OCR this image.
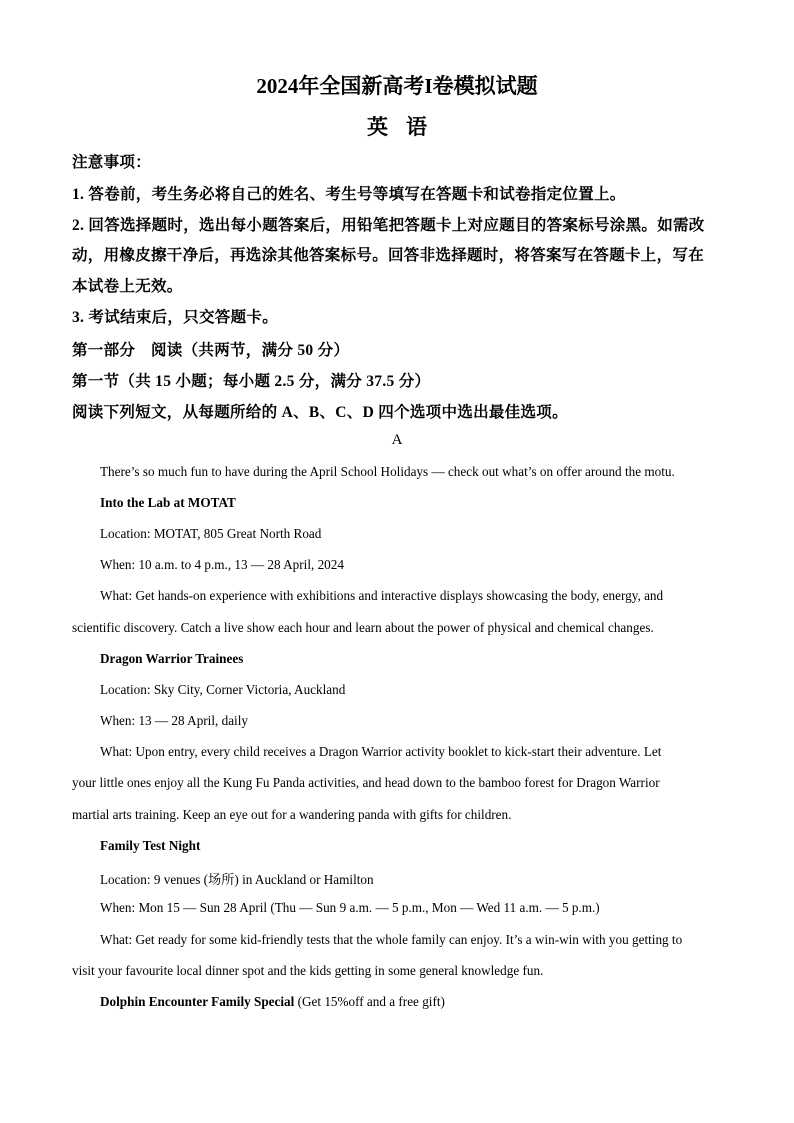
2024年全国新高考I卷模拟试题
英语
注意事项：
1. 答卷前，考生务必将自己的姓名、考生号等填写在答题卡和试卷指定位置上。
2. 回答选择题时，选出每小题答案后，用铅笔把答题卡上对应题目的答案标号涂黑。如需改
动，用橡皮擦干净后，再选涂其他答案标号。回答非选择题时，将答案写在答题卡上，写在
本试卷上无效。
3. 考试结束后，只交答题卡。
第一部分　阅读（共两节，满分 50 分）
第一节（共 15 小题；每小题 2.5 分，满分 37.5 分）
阅读下列短文，从每题所给的 A、B、C、D 四个选项中选出最佳选项。
A
There’s so much fun to have during the April School Holidays — check out what’s on offer around the motu.
Into the Lab at MOTAT
Location: MOTAT, 805 Great North Road
When: 10 a.m. to 4 p.m., 13 — 28 April, 2024
What: Get hands-on experience with exhibitions and interactive displays showcasing the body, energy, and
scientific discovery. Catch a live show each hour and learn about the power of physical and chemical changes.
Dragon Warrior Trainees
Location: Sky City, Corner Victoria, Auckland
When: 13 — 28 April, daily
What: Upon entry, every child receives a Dragon Warrior activity booklet to kick-start their adventure. Let
your little ones enjoy all the Kung Fu Panda activities, and head down to the bamboo forest for Dragon Warrior
martial arts training. Keep an eye out for a wandering panda with gifts for children.
Family Test Night
Location: 9 venues (场所) in Auckland or Hamilton
When: Mon 15 — Sun 28 April (Thu — Sun 9 a.m. — 5 p.m., Mon — Wed 11 a.m. — 5 p.m.)
What: Get ready for some kid-friendly tests that the whole family can enjoy. It’s a win-win with you getting to
visit your favourite local dinner spot and the kids getting in some general knowledge fun.
Dolphin Encounter Family Special (Get 15%off and a free gift)
